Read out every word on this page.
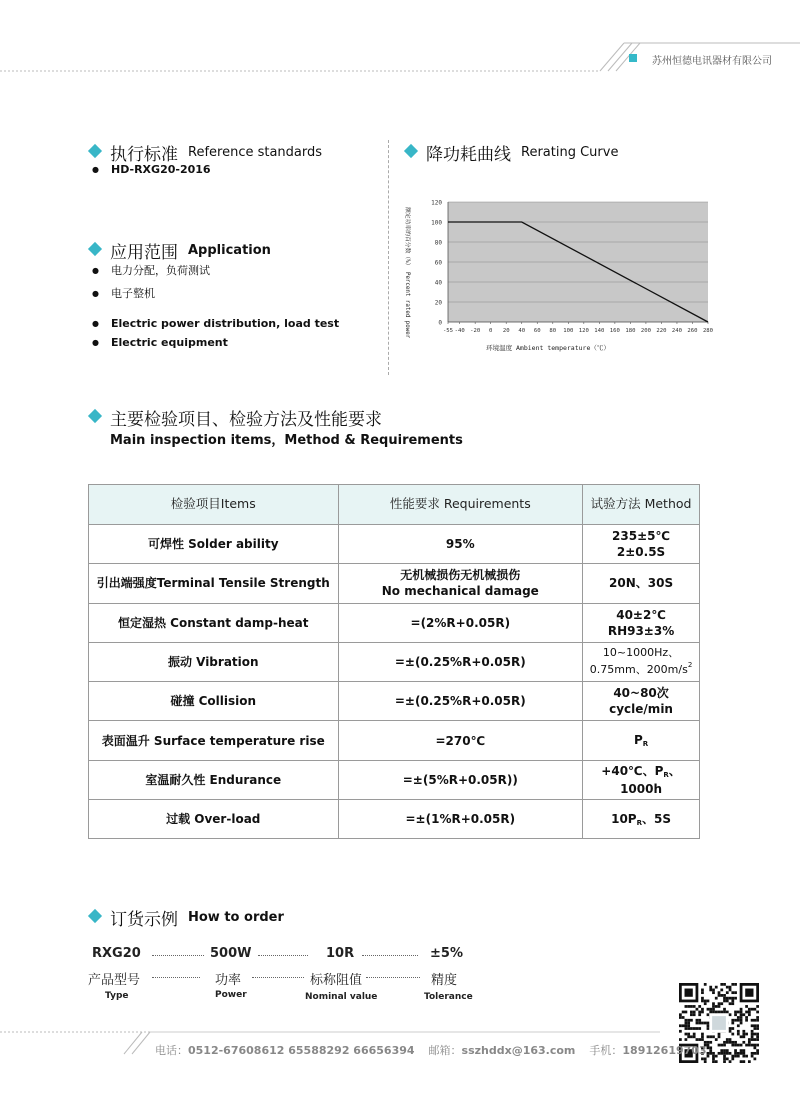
苏州恒德电讯器材有限公司
执行标准 Reference standards
● HD-RXG20-2016
应用范围 Application
● 电力分配，负荷测试
● 电子整机
● Electric power distribution, load test
● Electric equipment
降功耗曲线 Rerating Curve
0
20
40
60
80
100
120
-55 -40 -20 0 20 40 60 80 100 120 140 160 180 200 220 240 260 280
环境温度 Ambient temperature（℃）
额定功率的百分数（%） Percent rated power
主要检验项目、检验方法及性能要求
Main inspection items，Method & Requirements
检验项目Items	性能要求 Requirements	试验方法 Method
可焊性 Solder ability	95%	235±5℃
2±0.5S
引出端强度Terminal Tensile Strength	无机械损伤无机械损伤
No mechanical damage	20N、30S
恒定湿热 Constant damp-heat	=(2%R+0.05R)	40±2℃
RH93±3%
振动 Vibration	=±(0.25%R+0.05R)	10~1000Hz、
0.75mm、$200m/s^2$
碰撞 Collision	=±(0.25%R+0.05R)	40~80次
cycle/min
表面温升 Surface temperature rise	=270℃	$P_R$
室温耐久性 Endurance	=±(5%R+0.05R))	+40℃、$P_R$、
1000h
过载 Over-load	=±(1%R+0.05R)	$10P_R$、5S
订货示例 How to order
RXG20	500W	10R	±5%
产品型号	功率	标称阻值	精度
Type	Power	Nominal value	Tolerance
电话：0512-67608612 65588292 66656394 邮箱：sszhddx@163.com 手机：18912619703
